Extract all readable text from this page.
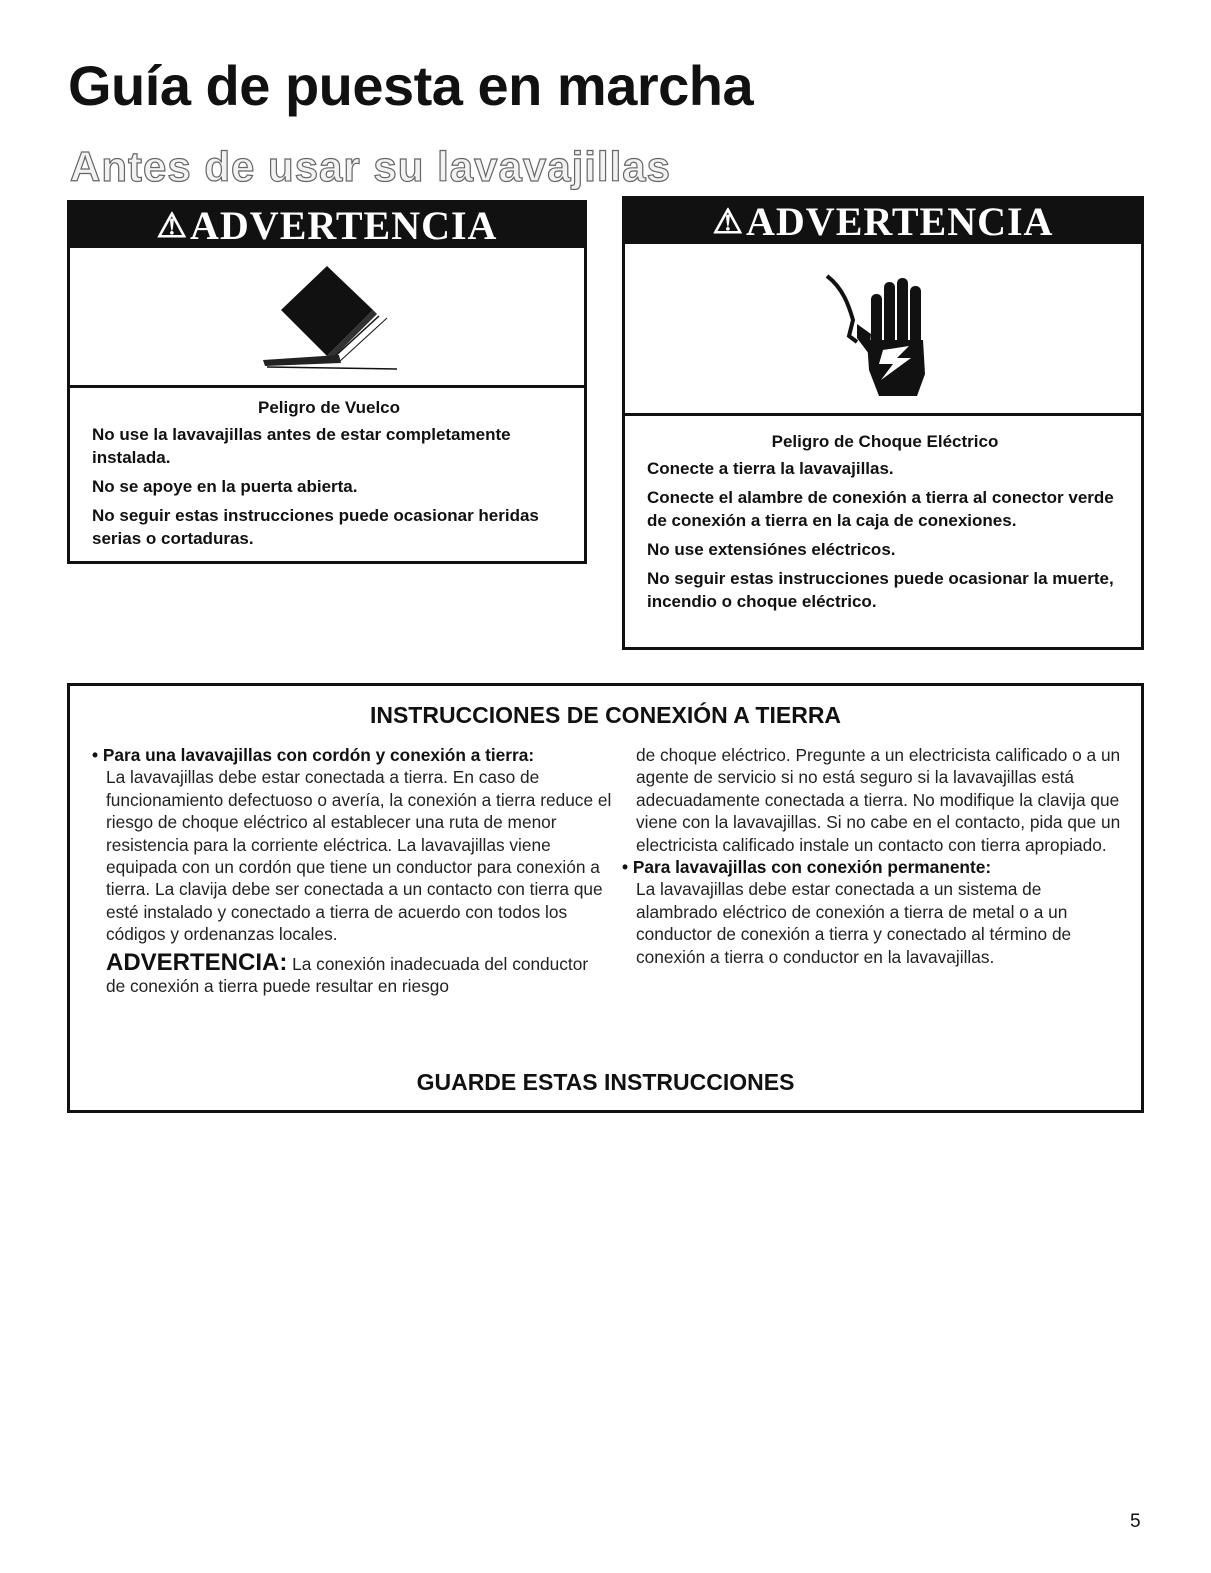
Guía de puesta en marcha
Antes de usar su lavavajillas
⚠ ADVERTENCIA
Peligro de Vuelco

No use la lavavajillas antes de estar completamente instalada.

No se apoye en la puerta abierta.

No seguir estas instrucciones puede ocasionar heridas serias o cortaduras.

⚠ ADVERTENCIA
Peligro de Choque Eléctrico

Conecte a tierra la lavavajillas.

Conecte el alambre de conexión a tierra al conector verde de conexión a tierra en la caja de conexiones.

No use extensiónes eléctricos.

No seguir estas instrucciones puede ocasionar la muerte, incendio o choque eléctrico.

INSTRUCCIONES DE CONEXIÓN A TIERRA

• Para una lavavajillas con cordón y conexión a tierra:

La lavavajillas debe estar conectada a tierra. En caso de funcionamiento defectuoso o avería, la conexión a tierra reduce el riesgo de choque eléctrico al establecer una ruta de menor resistencia para la corriente eléctrica. La lavavajillas viene equipada con un cordón que tiene un conductor para conexión a tierra. La clavija debe ser conectada a un contacto con tierra que esté instalado y conectado a tierra de acuerdo con todos los códigos y ordenanzas locales.

ADVERTENCIA: La conexión inadecuada del conductor de conexión a tierra puede resultar en riesgo

de choque eléctrico. Pregunte a un electricista calificado o a un agente de servicio si no está seguro si la lavavajillas está adecuadamente conectada a tierra. No modifique la clavija que viene con la lavavajillas. Si no cabe en el contacto, pida que un electricista calificado instale un contacto con tierra apropiado.

• Para lavavajillas con conexión permanente:

La lavavajillas debe estar conectada a un sistema de alambrado eléctrico de conexión a tierra de metal o a un conductor de conexión a tierra y conectado al término de conexión a tierra o conductor en la lavavajillas.

GUARDE ESTAS INSTRUCCIONES
5
